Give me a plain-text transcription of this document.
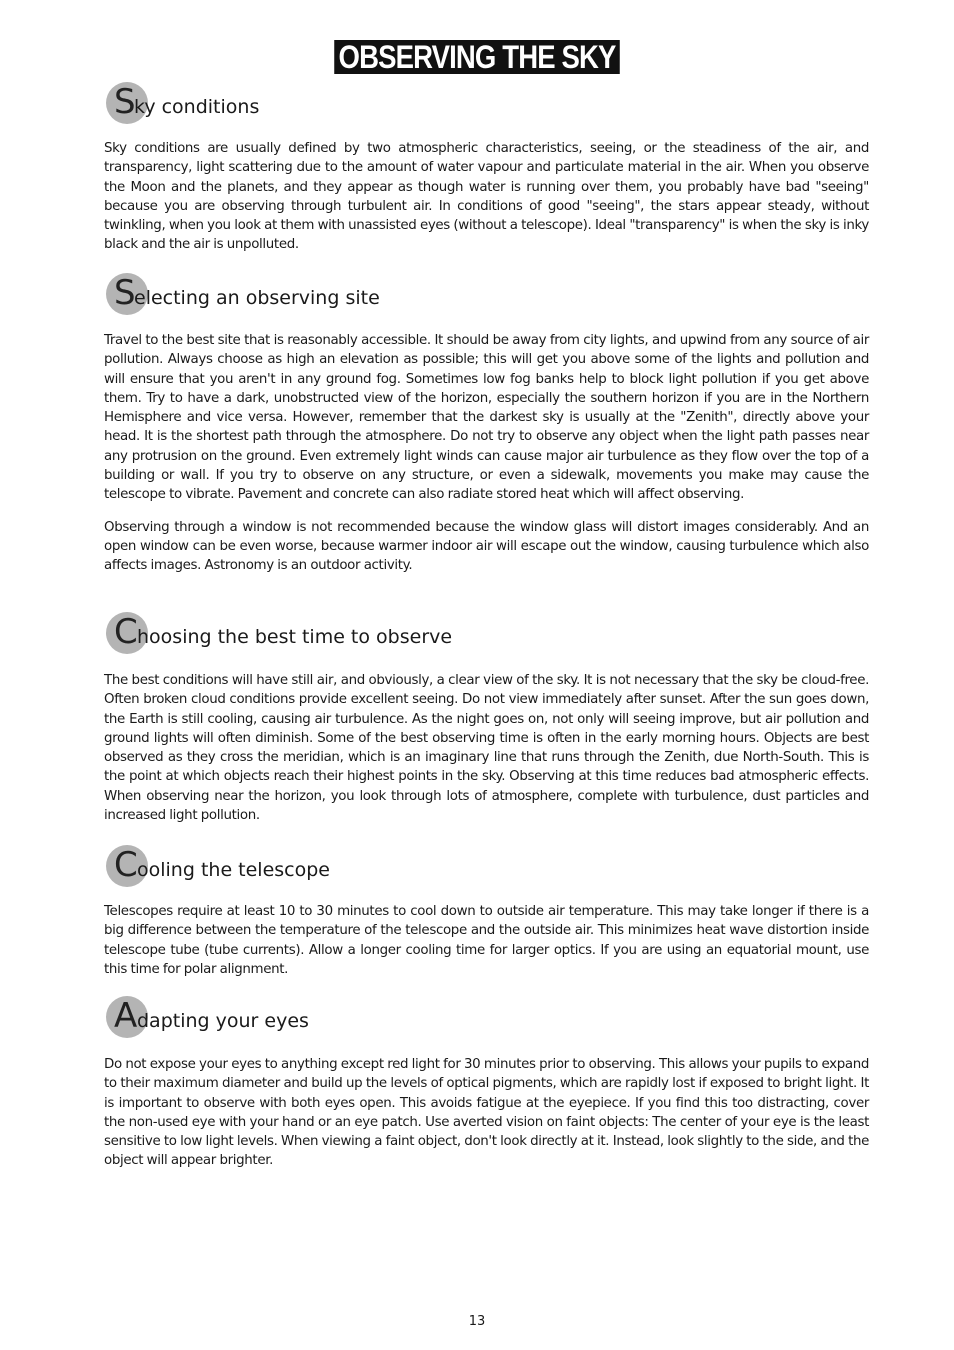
OBSERVING THE SKY
S
ky conditions

Sky conditions are usually defined by two atmospheric characteristics, seeing, or the steadiness of the air, and transparency, light scattering due to the amount of water vapour and particulate material in the air. When you observe the Moon and the planets, and they appear as though water is running over them, you probably have bad "seeing" because you are observing through turbulent air. In conditions of good "seeing", the stars appear steady, without twinkling, when you look at them with unassisted eyes (without a telescope). Ideal "transparency" is when the sky is inky black and the air is unpolluted.

S
electing an observing site

Travel to the best site that is reasonably accessible. It should be away from city lights, and upwind from any source of air pollution. Always choose as high an elevation as possible; this will get you above some of the lights and pollution and will ensure that you aren't in any ground fog. Sometimes low fog banks help to block light pollution if you get above them. Try to have a dark, unobstructed view of the horizon, especially the southern horizon if you are in the Northern Hemisphere and vice versa. However, remember that the darkest sky is usually at the "Zenith", directly above your head. It is the shortest path through the atmosphere. Do not try to observe any object when the light path passes near any protrusion on the ground. Even extremely light winds can cause major air turbulence as they flow over the top of a building or wall. If you try to observe on any structure, or even a sidewalk, movements you make may cause the telescope to vibrate. Pavement and concrete can also radiate stored heat which will affect observing.

Observing through a window is not recommended because the window glass will distort images considerably. And an open window can be even worse, because warmer indoor air will escape out the window, causing turbulence which also affects images. Astronomy is an outdoor activity.

C hoosing the best time to observe

The best conditions will have still air, and obviously, a clear view of the sky. It is not necessary that the sky be cloud-free. Often broken cloud conditions provide excellent seeing. Do not view immediately after sunset. After the sun goes down, the Earth is still cooling, causing air turbulence. As the night goes on, not only will seeing improve, but air pollution and ground lights will often diminish. Some of the best observing time is often in the early morning hours. Objects are best observed as they cross the meridian, which is an imaginary line that runs through the Zenith, due North-South. This is the point at which objects reach their highest points in the sky. Observing at this time reduces bad atmospheric effects. When observing near the horizon, you look through lots of atmosphere, complete with turbulence, dust particles and increased light pollution.

C ooling the telescope

Telescopes require at least 10 to 30 minutes to cool down to outside air temperature. This may take longer if there is a big difference between the temperature of the telescope and the outside air. This minimizes heat wave distortion inside telescope tube (tube currents). Allow a longer cooling time for larger optics. If you are using an equatorial mount, use this time for polar alignment.

A dapting your eyes

Do not expose your eyes to anything except red light for 30 minutes prior to observing. This allows your pupils to expand to their maximum diameter and build up the levels of optical pigments, which are rapidly lost if exposed to bright light. It is important to observe with both eyes open. This avoids fatigue at the eyepiece. If you find this too distracting, cover the non-used eye with your hand or an eye patch. Use averted vision on faint objects: The center of your eye is the least sensitive to low light levels. When viewing a faint object, don't look directly at it. Instead, look slightly to the side, and the object will appear brighter.

13
